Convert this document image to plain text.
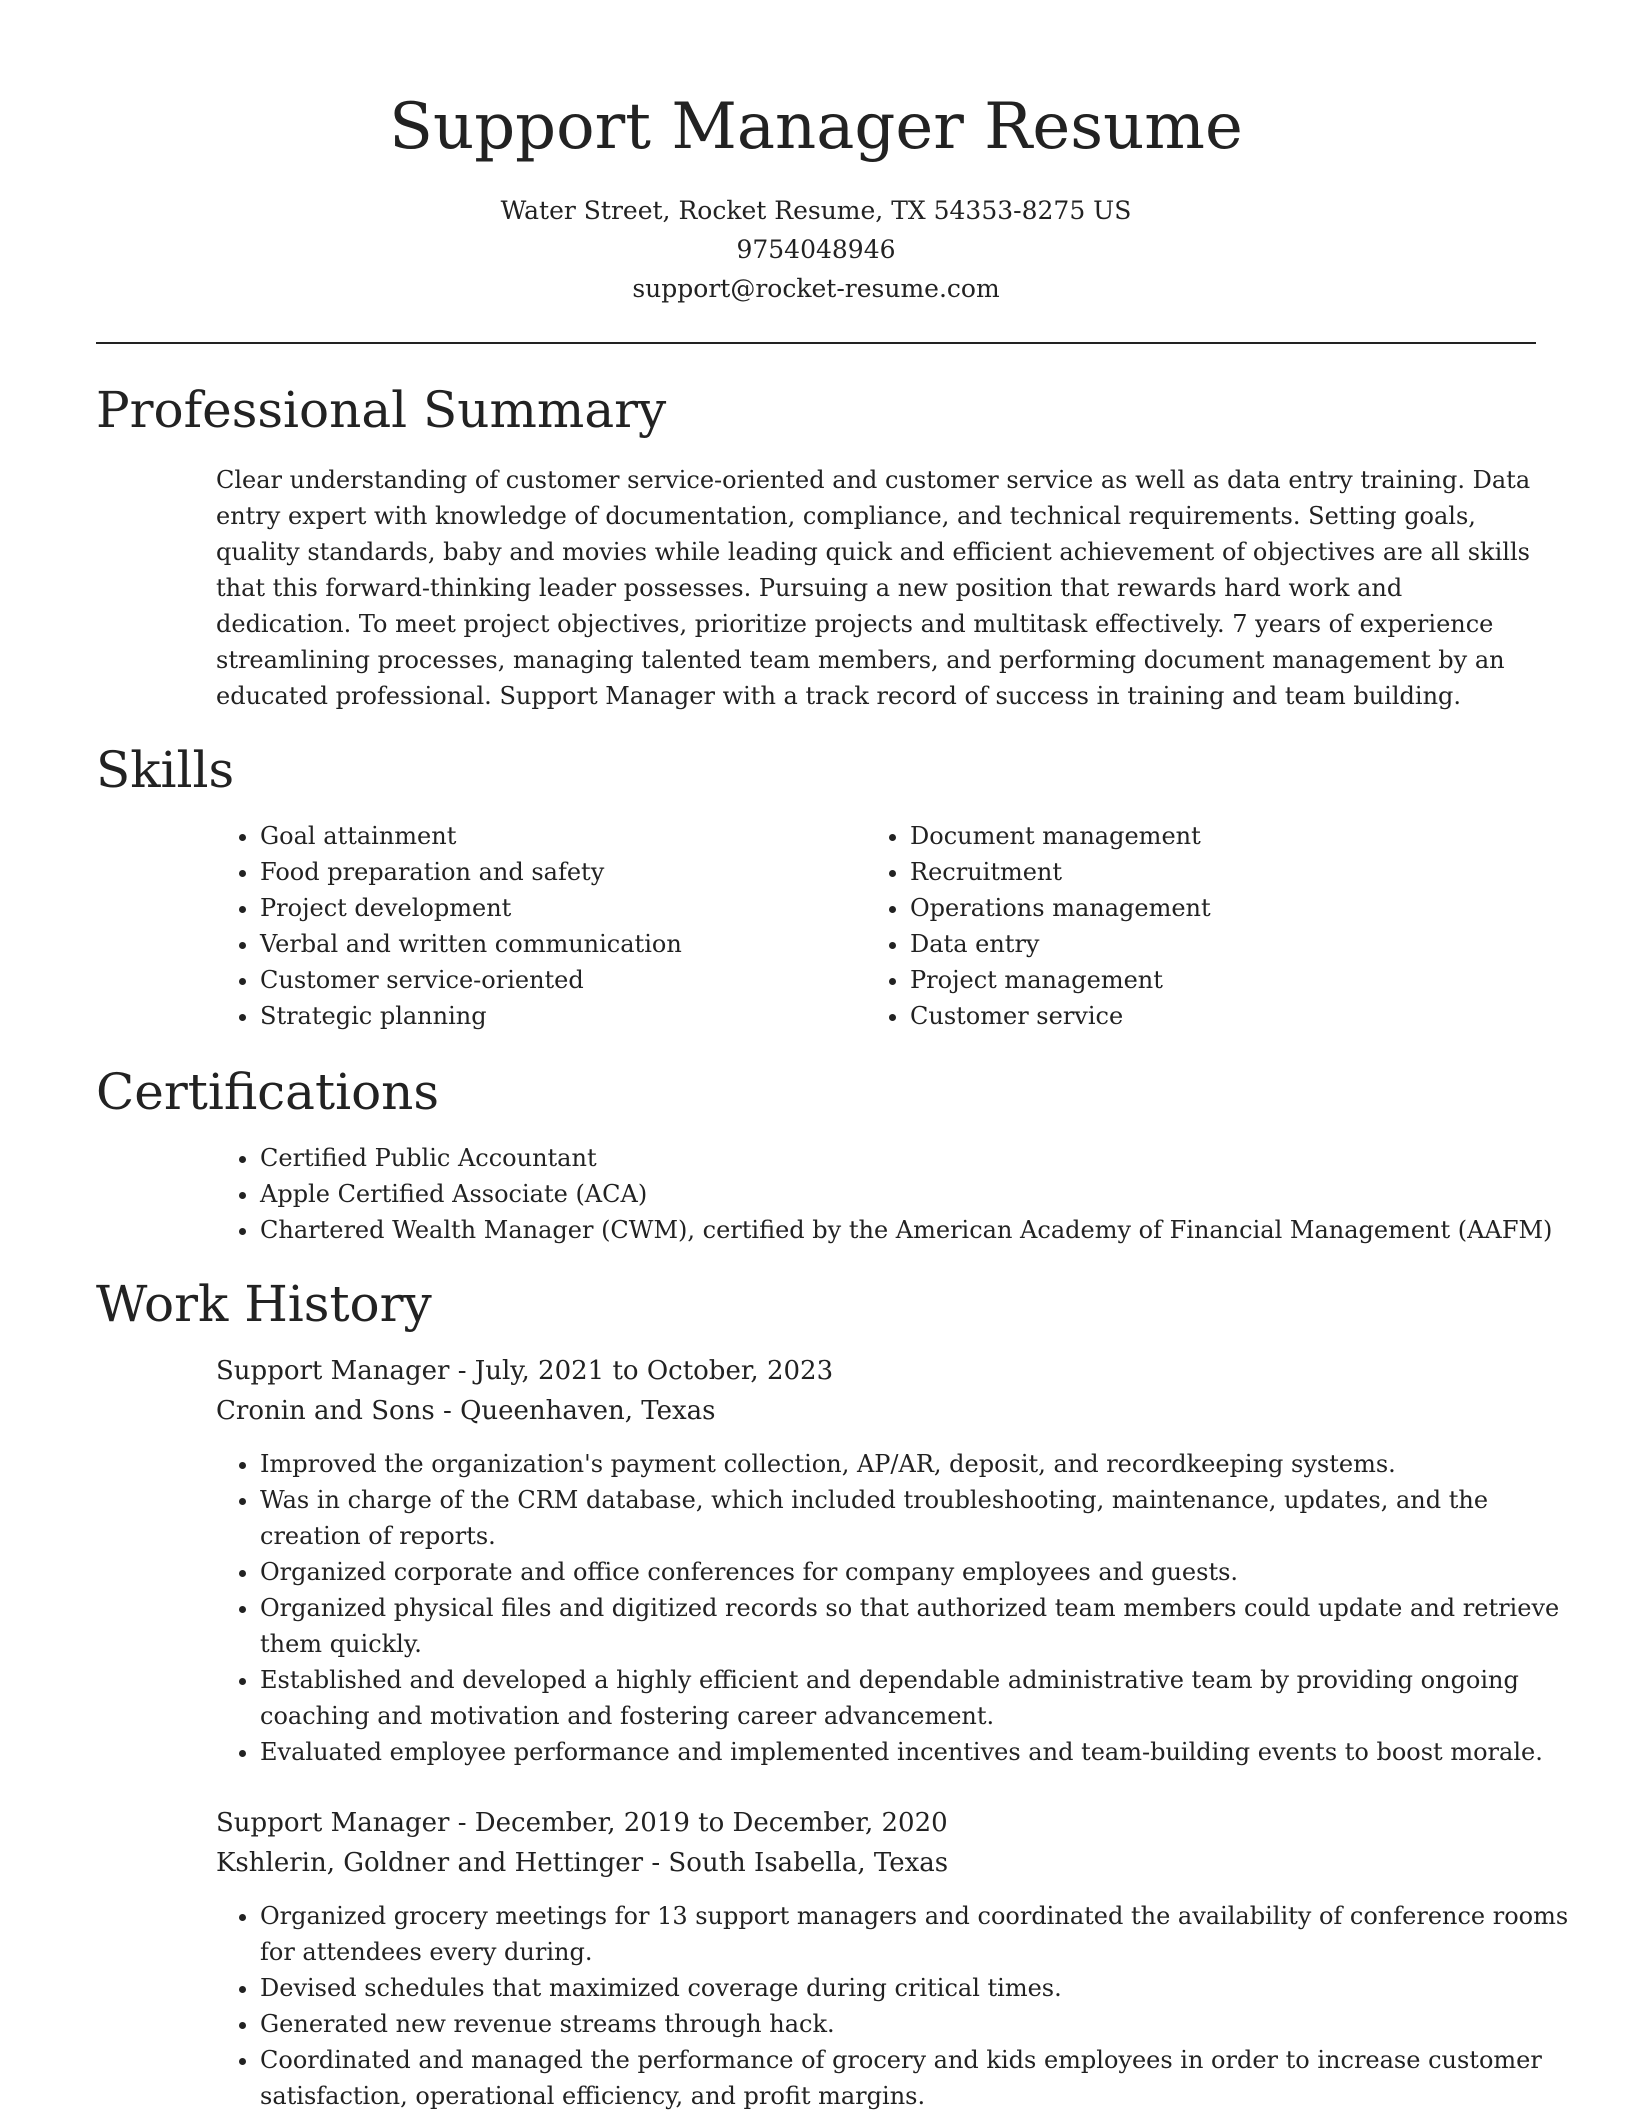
Support Manager Resume
Water Street, Rocket Resume, TX 54353-8275 US
9754048946
support@rocket-resume.com
Professional Summary
Clear understanding of customer service-oriented and customer service as well as data entry training. Data entry expert with knowledge of documentation, compliance, and technical requirements. Setting goals, quality standards, baby and movies while leading quick and efficient achievement of objectives are all skills that this forward-thinking leader possesses. Pursuing a new position that rewards hard work and dedication. To meet project objectives, prioritize projects and multitask effectively. 7 years of experience streamlining processes, managing talented team members, and performing document management by an educated professional. Support Manager with a track record of success in training and team building.
Skills
• Goal attainment
• Food preparation and safety
• Project development
• Verbal and written communication
• Customer service-oriented
• Strategic planning
• Document management
• Recruitment
• Operations management
• Data entry
• Project management
• Customer service
Certifications
• Certified Public Accountant
• Apple Certified Associate (ACA)
• Chartered Wealth Manager (CWM), certified by the American Academy of Financial Management (AAFM)
Work History
Support Manager - July, 2021 to October, 2023
Cronin and Sons - Queenhaven, Texas
• Improved the organization's payment collection, AP/AR, deposit, and recordkeeping systems.
• Was in charge of the CRM database, which included troubleshooting, maintenance, updates, and the creation of reports.
• Organized corporate and office conferences for company employees and guests.
• Organized physical files and digitized records so that authorized team members could update and retrieve them quickly.
• Established and developed a highly efficient and dependable administrative team by providing ongoing coaching and motivation and fostering career advancement.
• Evaluated employee performance and implemented incentives and team-building events to boost morale.
Support Manager - December, 2019 to December, 2020
Kshlerin, Goldner and Hettinger - South Isabella, Texas
• Organized grocery meetings for 13 support managers and coordinated the availability of conference rooms for attendees every during.
• Devised schedules that maximized coverage during critical times.
• Generated new revenue streams through hack.
• Coordinated and managed the performance of grocery and kids employees in order to increase customer satisfaction, operational efficiency, and profit margins.
